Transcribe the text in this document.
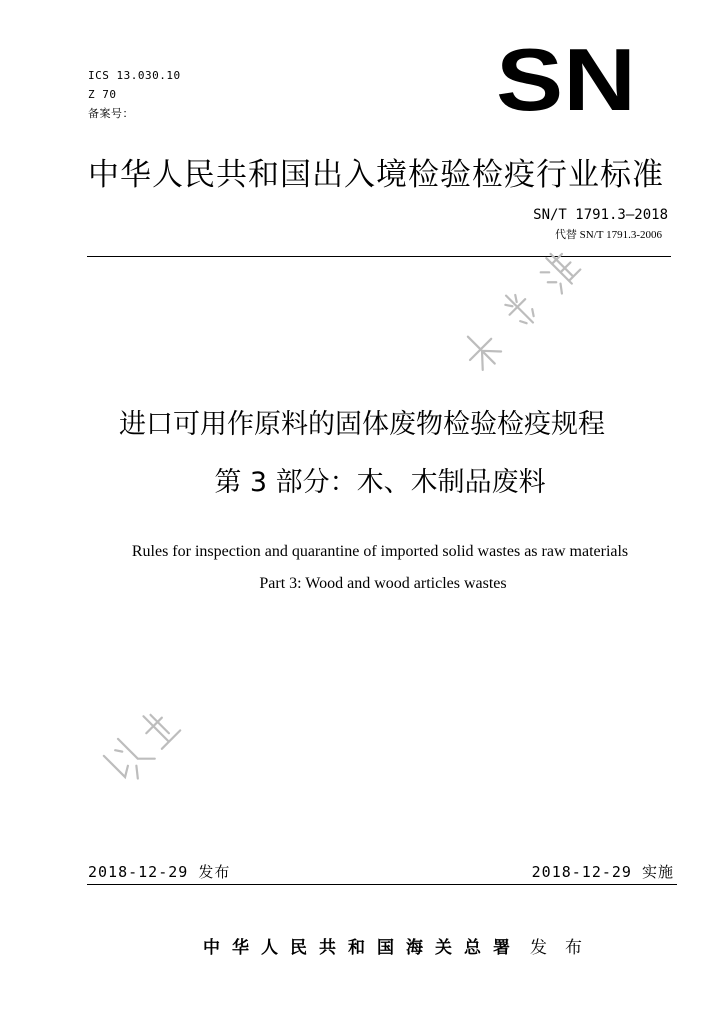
ICS 13.030.10
Z 70
备案号：	SN
中华人民共和国出入境检验检疫行业标准
SN/T 1791.3—2018
代替 SN/T 1791.3-2006
进口可用作原料的固体废物检验检疫规程
第 3 部分：木、木制品废料
Rules for inspection and quarantine of imported solid wastes as raw materials
Part 3: Wood and wood articles wastes
2018-12-29 发布	2018-12-29 实施
中华人民共和国海关总署 发布
